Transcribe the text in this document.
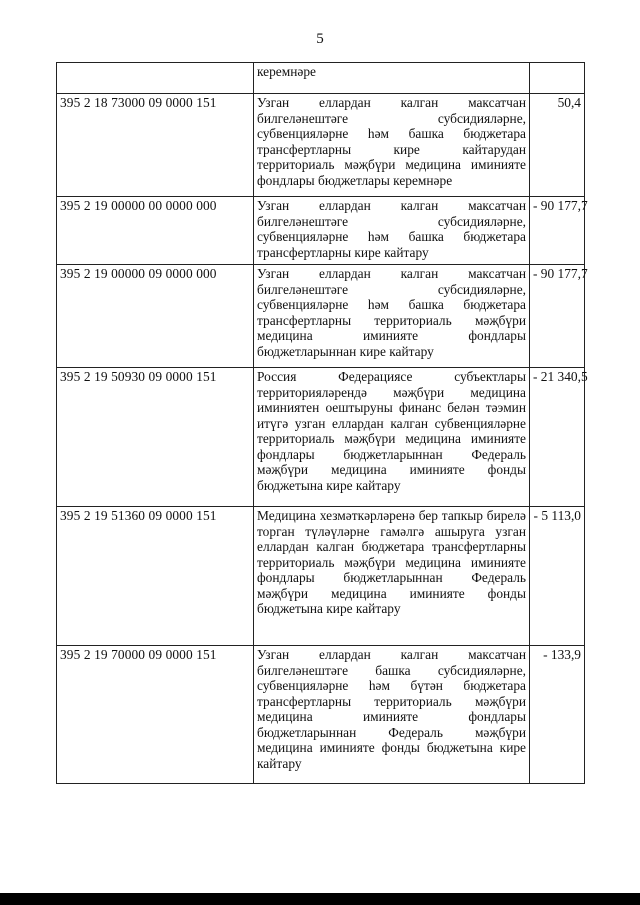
5
	керемнәре	
395 2 18 73000 09 0000 151	Узган еллардан калган максатчан билгеләнештәге субсидияләрне, субвенцияләрне һәм башка бюджетара трансфертларны кире кайтарудан территориаль мәҗбүри медицина иминияте фондлары бюджетлары керемнәре	50,4
395 2 19 00000 00 0000 000	Узган еллардан калган максатчан билгеләнештәге субсидияләрне, субвенцияләрне һәм башка бюджетара трансфертларны кире кайтару	- 90 177,7
395 2 19 00000 09 0000 000	Узган еллардан калган максатчан билгеләнештәге субсидияләрне, субвенцияләрне һәм башка бюджетара трансфертларны территориаль мәҗбүри медицина иминияте фондлары бюджетларыннан кире кайтару	- 90 177,7
395 2 19 50930 09 0000 151	Россия Федерациясе субъектлары территорияләрендә мәҗбүри медицина иминиятен оештыруны финанс белән тәэмин итүгә узган еллардан калган субвенцияләрне территориаль мәҗбүри медицина иминияте фондлары бюджетларыннан Федераль мәҗбүри медицина иминияте фонды бюджетына кире кайтару	- 21 340,5
395 2 19 51360 09 0000 151	Медицина хезмәткәрләренә бер тапкыр бирелә торган түләүләрне гамәлгә ашыруга узган еллардан калган бюджетара трансфертларны территориаль мәҗбүри медицина иминияте фондлары бюджетларыннан Федераль мәҗбүри медицина иминияте фонды бюджетына кире кайтару	- 5 113,0
395 2 19 70000 09 0000 151	Узган еллардан калган максатчан билгеләнештәге башка субсидияләрне, субвенцияләрне һәм бүтән бюджетара трансфертларны территориаль мәҗбүри медицина иминияте фондлары бюджетларыннан Федераль мәҗбүри медицина иминияте фонды бюджетына кире кайтару	- 133,9
